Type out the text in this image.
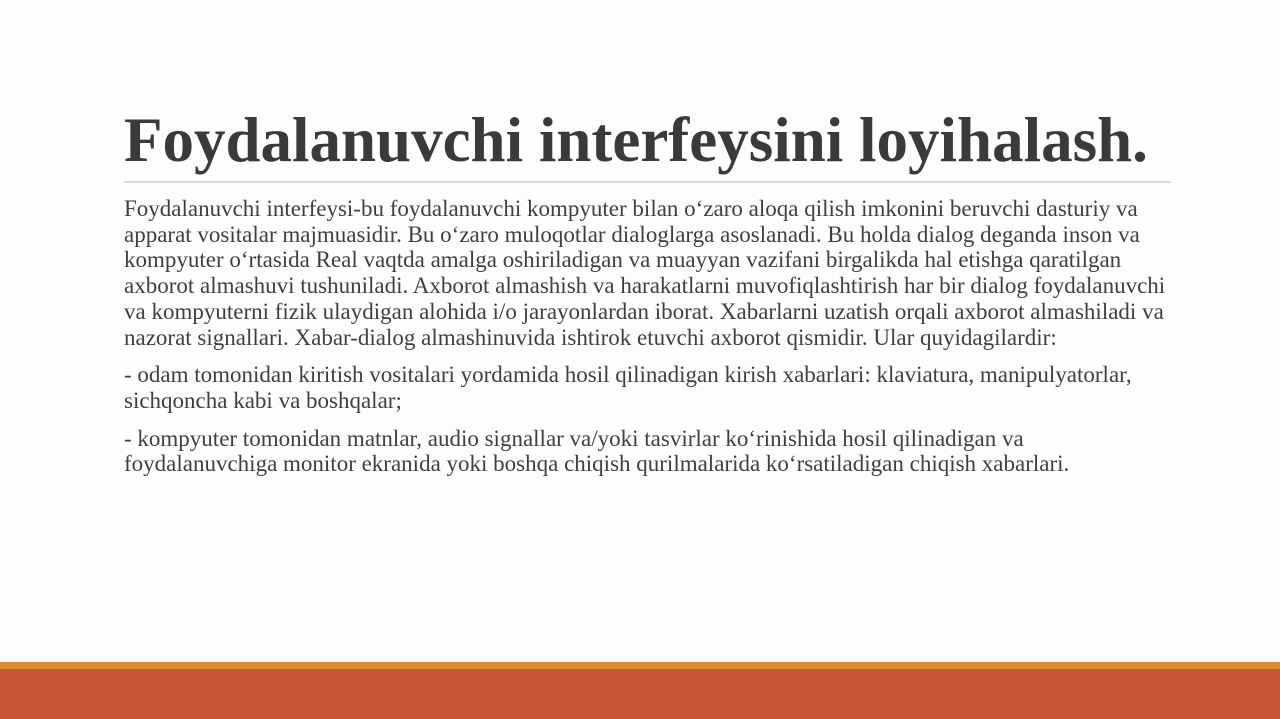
Foydalanuvchi interfeysini loyihalash.

Foydalanuvchi interfeysi-bu foydalanuvchi kompyuter bilan o‘zaro aloqa qilish imkonini beruvchi dasturiy va apparat vositalar majmuasidir. Bu o‘zaro muloqotlar dialoglarga asoslanadi. Bu holda dialog deganda inson va kompyuter o‘rtasida Real vaqtda amalga oshiriladigan va muayyan vazifani birgalikda hal etishga qaratilgan axborot almashuvi tushuniladi. Axborot almashish va harakatlarni muvofiqlashtirish har bir dialog foydalanuvchi va kompyuterni fizik ulaydigan alohida i/o jarayonlardan iborat. Xabarlarni uzatish orqali axborot almashiladi va nazorat signallari. Xabar-dialog almashinuvida ishtirok etuvchi axborot qismidir. Ular quyidagilardir:

- odam tomonidan kiritish vositalari yordamida hosil qilinadigan kirish xabarlari: klaviatura, manipulyatorlar, sichqoncha kabi va boshqalar;

- kompyuter tomonidan matnlar, audio signallar va/yoki tasvirlar ko‘rinishida hosil qilinadigan va foydalanuvchiga monitor ekranida yoki boshqa chiqish qurilmalarida ko‘rsatiladigan chiqish xabarlari.
